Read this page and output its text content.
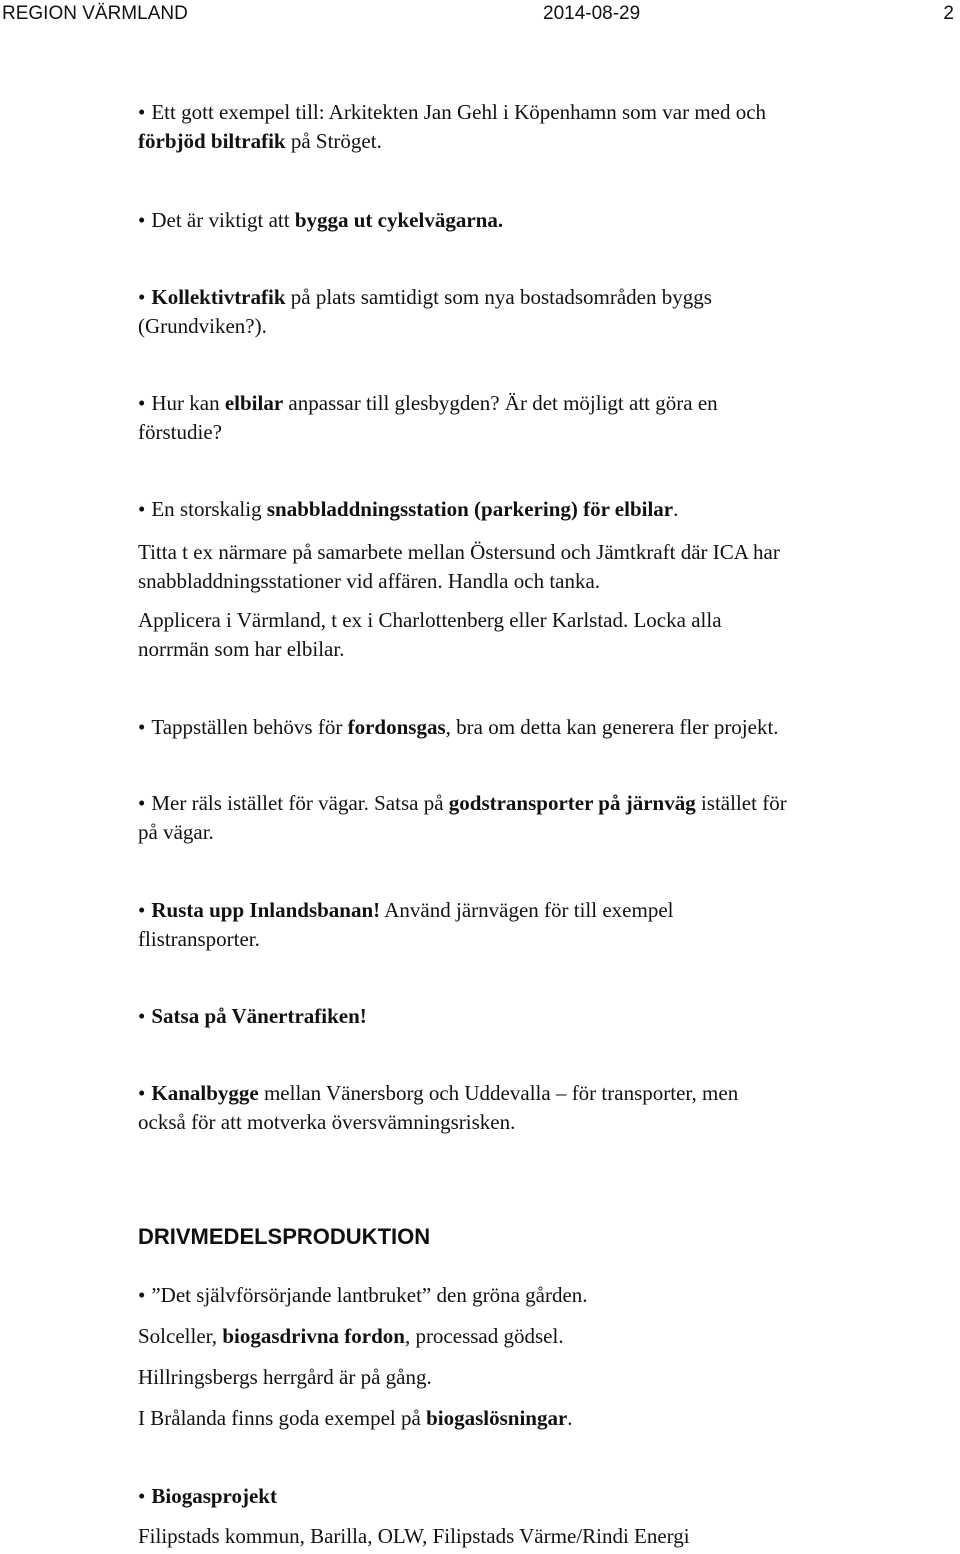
REGION VÄRMLAND	2014-08-29	2

• Ett gott exempel till: Arkitekten Jan Gehl i Köpenhamn som var med och
förbjöd biltrafik på Ströget.

• Det är viktigt att bygga ut cykelvägarna.

• Kollektivtrafik på plats samtidigt som nya bostadsområden byggs
(Grundviken?).

• Hur kan elbilar anpassar till glesbygden? Är det möjligt att göra en
förstudie?

• En storskalig snabbladdningsstation (parkering) för elbilar.

Titta t ex närmare på samarbete mellan Östersund och Jämtkraft där ICA har
snabbladdningsstationer vid affären. Handla och tanka.

Applicera i Värmland, t ex i Charlottenberg eller Karlstad. Locka alla
norrmän som har elbilar.

• Tappställen behövs för fordonsgas, bra om detta kan generera fler projekt.

• Mer räls istället för vägar. Satsa på godstransporter på järnväg istället för
på vägar.

• Rusta upp Inlandsbanan! Använd järnvägen för till exempel
flistransporter.

• Satsa på Vänertrafiken!

• Kanalbygge mellan Vänersborg och Uddevalla – för transporter, men
också för att motverka översvämningsrisken.

DRIVMEDELSPRODUKTION

• ”Det självförsörjande lantbruket” den gröna gården.

Solceller, biogasdrivna fordon, processad gödsel.

Hillringsbergs herrgård är på gång.

I Brålanda finns goda exempel på biogaslösningar.

• Biogasprojekt

Filipstads kommun, Barilla, OLW, Filipstads Värme/Rindi Energi
